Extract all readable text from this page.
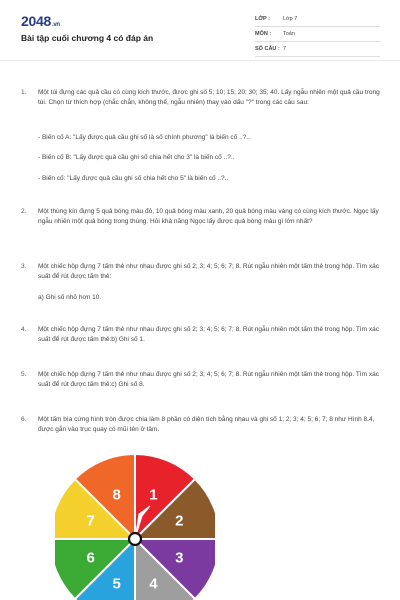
2048.vn
Bài tập cuối chương 4 có đáp án
LỚP : Lớp 7
MÔN : Toán
SỐ CÂU : 7
1. Một túi đựng các quả cầu có cùng kích thước, được ghi số 5; 10; 15; 20; 30; 35; 40. Lấy ngẫu nhiên một quả cầu trong túi. Chọn từ thích hợp (chắc chắn, không thể, ngẫu nhiên) thay vào dấu "?" trong các câu sau:
- Biến cố A: "Lấy được quả cầu ghi số là số chính phương" là biến cố ..?..
- Biến cố B: "Lấy được quả cầu ghi số chia hết cho 3" là biến cố ..?..
- Biến cố: "Lấy được quả cầu ghi số chia hết cho 5" là biến cố ..?..
2. Một thùng kín đựng 5 quả bóng màu đỏ, 10 quả bóng màu xanh, 20 quả bóng màu vàng có cùng kích thước. Ngọc lấy ngẫu nhiên một quả bóng trong thùng. Hỏi khả năng Ngọc lấy được quả bóng màu gì lớn nhất?
3. Một chiếc hộp đựng 7 tấm thẻ như nhau được ghi số 2; 3; 4; 5; 6; 7; 8. Rút ngẫu nhiên một tấm thẻ trong hộp. Tìm xác suất để rút được tấm thẻ:
a) Ghi số nhỏ hơn 10.
4. Một chiếc hộp đựng 7 tấm thẻ như nhau được ghi số 2; 3; 4; 5; 6; 7; 8. Rút ngẫu nhiên một tấm thẻ trong hộp. Tìm xác suất để rút được tấm thẻ:b) Ghi số 1.
5. Một chiếc hộp đựng 7 tấm thẻ như nhau được ghi số 2; 3; 4; 5; 6; 7; 8. Rút ngẫu nhiên một tấm thẻ trong hộp. Tìm xác suất để rút được tấm thẻ:c) Ghi số 8.
6. Một tấm bìa cứng hình tròn được chia làm 8 phần có diện tích bằng nhau và ghi số 1; 2; 3; 4; 5; 6; 7; 8 như Hình 8.4, được gắn vào trục quay có mũi tên ở tâm.
1
2
3
4
5
6
7
8
